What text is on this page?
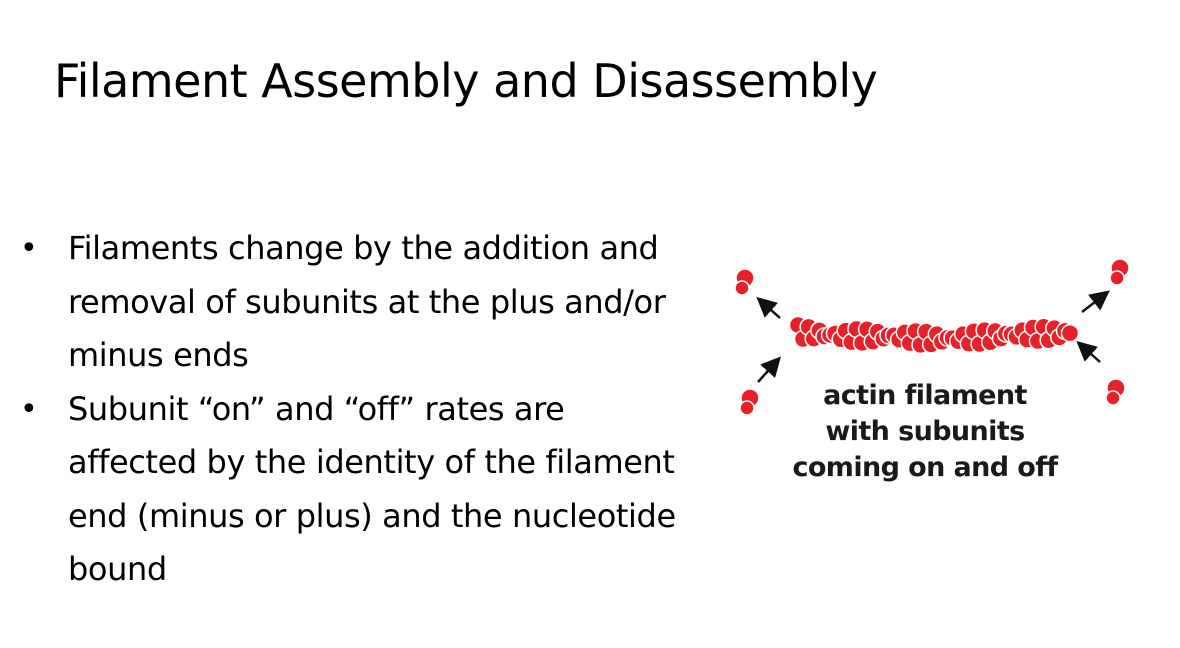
Filament Assembly and Disassembly
• Filaments change by the addition and removal of subunits at the plus and/or minus ends
• Subunit “on” and “off” rates are affected by the identity of the filament end (minus or plus) and the nucleotide bound
actin filament
with subunits
coming on and off
